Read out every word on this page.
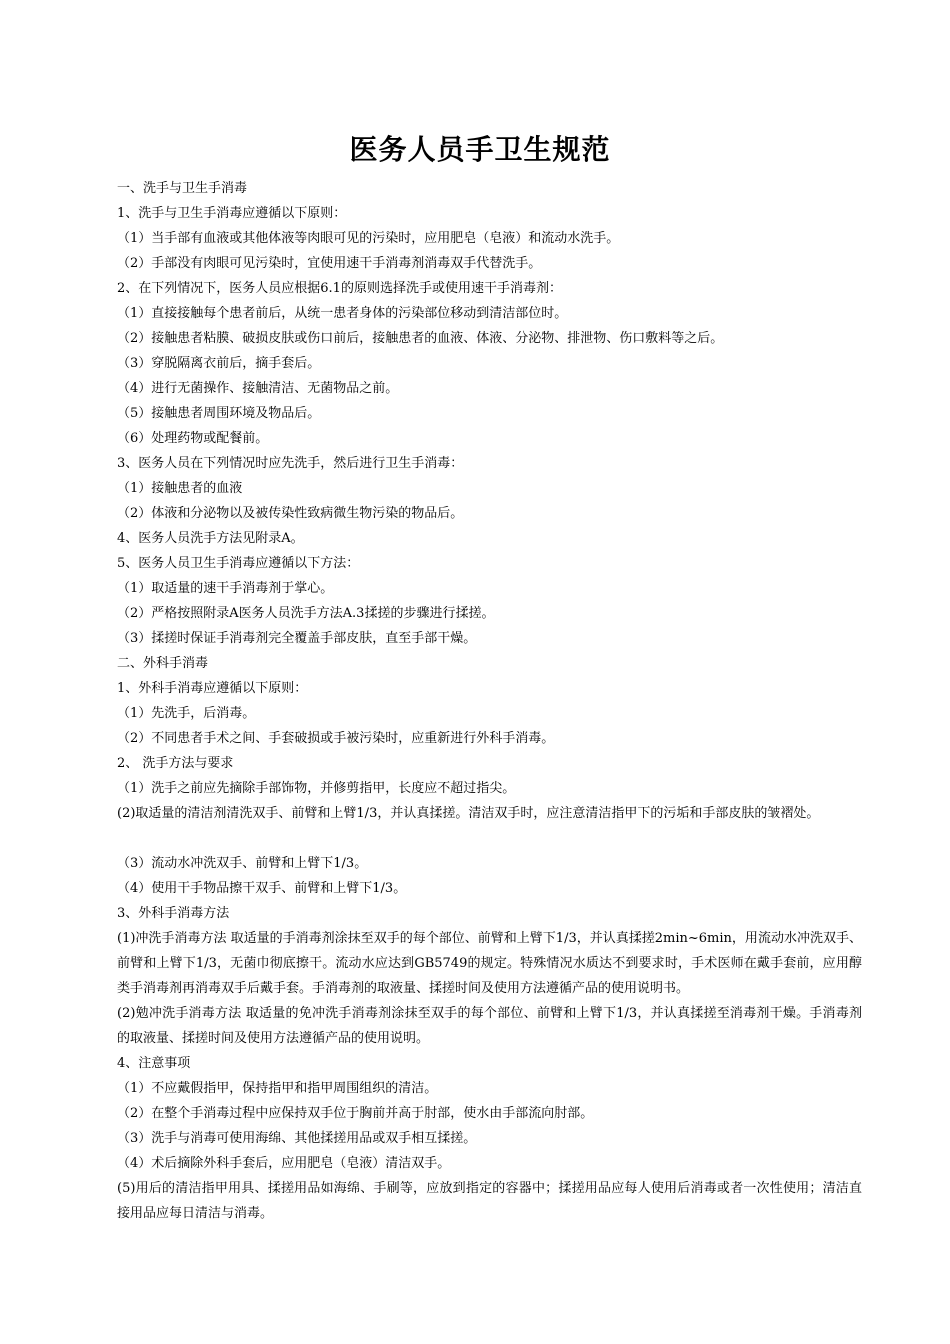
医务人员手卫生规范

一、洗手与卫生手消毒

1、洗手与卫生手消毒应遵循以下原则：

（1）当手部有血液或其他体液等肉眼可见的污染时，应用肥皂（皂液）和流动水洗手。

（2）手部没有肉眼可见污染时，宜使用速干手消毒剂消毒双手代替洗手。

2、在下列情况下，医务人员应根据6.1的原则选择洗手或使用速干手消毒剂：

（1）直接接触每个患者前后，从统一患者身体的污染部位移动到清洁部位时。

（2）接触患者粘膜、破损皮肤或伤口前后，接触患者的血液、体液、分泌物、排泄物、伤口敷料等之后。

（3）穿脱隔离衣前后，摘手套后。

（4）进行无菌操作、接触清洁、无菌物品之前。

（5）接触患者周围环境及物品后。

（6）处理药物或配餐前。

3、医务人员在下列情况时应先洗手，然后进行卫生手消毒：

（1）接触患者的血液

（2）体液和分泌物以及被传染性致病微生物污染的物品后。

4、医务人员洗手方法见附录A。

5、医务人员卫生手消毒应遵循以下方法：

（1）取适量的速干手消毒剂于掌心。

（2）严格按照附录A医务人员洗手方法A.3揉搓的步骤进行揉搓。

（3）揉搓时保证手消毒剂完全覆盖手部皮肤，直至手部干燥。

二、外科手消毒

1、外科手消毒应遵循以下原则：

（1）先洗手，后消毒。

（2）不同患者手术之间、手套破损或手被污染时，应重新进行外科手消毒。

2、 洗手方法与要求

（1）洗手之前应先摘除手部饰物，并修剪指甲，长度应不超过指尖。

(2)取适量的清洁剂清洗双手、前臂和上臂1/3，并认真揉搓。清洁双手时，应注意清洁指甲下的污垢和手部皮肤的皱褶处。

（3）流动水冲洗双手、前臂和上臂下1/3。

（4）使用干手物品擦干双手、前臂和上臂下1/3。

3、外科手消毒方法

(1)冲洗手消毒方法 取适量的手消毒剂涂抹至双手的每个部位、前臂和上臂下1/3，并认真揉搓2min~6min，用流动水冲洗双手、前臂和上臂下1/3，无菌巾彻底擦干。流动水应达到GB5749的规定。特殊情况水质达不到要求时，手术医师在戴手套前，应用醇类手消毒剂再消毒双手后戴手套。手消毒剂的取液量、揉搓时间及使用方法遵循产品的使用说明书。

(2)勉冲洗手消毒方法 取适量的免冲洗手消毒剂涂抹至双手的每个部位、前臂和上臂下1/3，并认真揉搓至消毒剂干燥。手消毒剂的取液量、揉搓时间及使用方法遵循产品的使用说明。

4、注意事项

（1）不应戴假指甲，保持指甲和指甲周围组织的清洁。

（2）在整个手消毒过程中应保持双手位于胸前并高于肘部，使水由手部流向肘部。

（3）洗手与消毒可使用海绵、其他揉搓用品或双手相互揉搓。

（4）术后摘除外科手套后，应用肥皂（皂液）清洁双手。

(5)用后的清洁指甲用具、揉搓用品如海绵、手刷等，应放到指定的容器中；揉搓用品应每人使用后消毒或者一次性使用；清洁直接用品应每日清洁与消毒。
